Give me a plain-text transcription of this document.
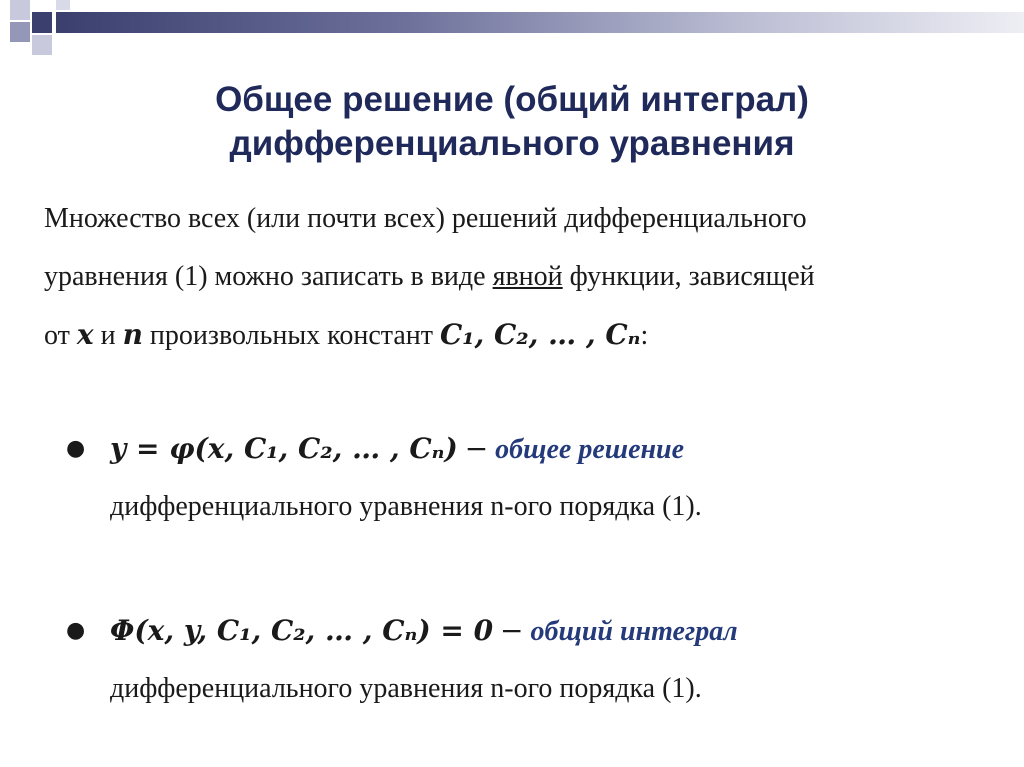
Общее решение (общий интеграл)
дифференциального уравнения
Множество всех (или почти всех) решений дифференциального
уравнения (1) можно записать в виде явной функции, зависящей
от x и n произвольных констант C₁, C₂, … , Cₙ:
● y = φ(x, C₁, C₂, … , Cₙ) − общее решение
дифференциального уравнения n-ого порядка (1).
● Φ(x, y, C₁, C₂, … , Cₙ) = 0 − общий интеграл
дифференциального уравнения n-ого порядка (1).
